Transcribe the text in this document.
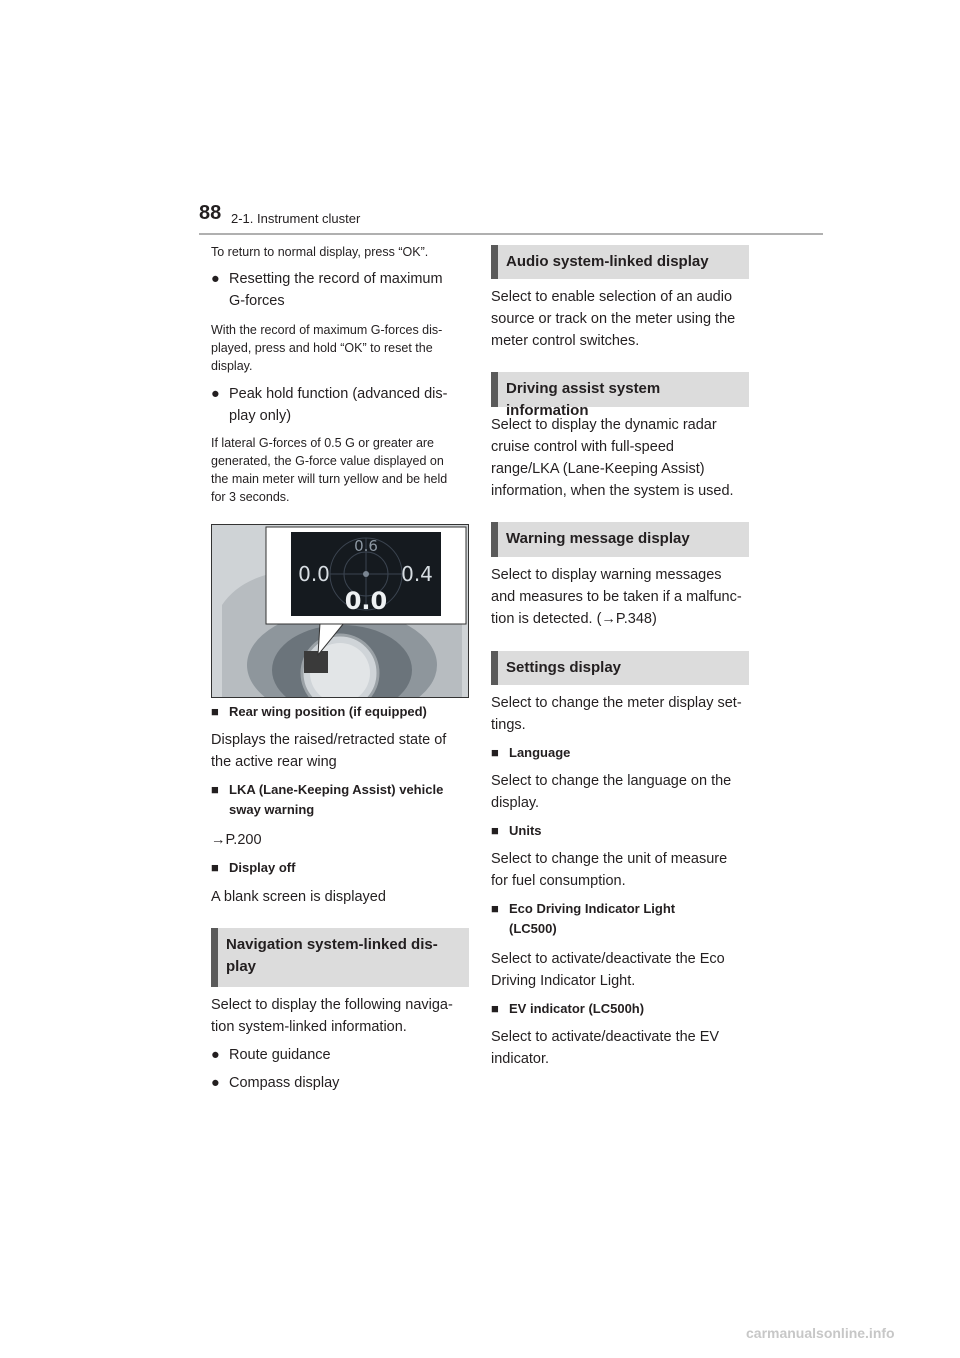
88 2-1. Instrument cluster
To return to normal display, press “OK”.
● Resetting the record of maximum
G-forces
With the record of maximum G-forces dis-
played, press and hold “OK” to reset the
display.
● Peak hold function (advanced dis-
play only)
If lateral G-forces of 0.5 G or greater are
generated, the G-force value displayed on
the main meter will turn yellow and be held
for 3 seconds.
0.6
0.0	0.4
0.0
■ Rear wing position (if equipped)
Displays the raised/retracted state of
the active rear wing
■ LKA (Lane-Keeping Assist) vehicle
sway warning
→P.200
■ Display off
A blank screen is displayed
Navigation system-linked dis-
play
Select to display the following naviga-
tion system-linked information.
● Route guidance
● Compass display
Audio system-linked display
Select to enable selection of an audio
source or track on the meter using the
meter control switches.
Driving assist system information
Select to display the dynamic radar
cruise control with full-speed
range/LKA (Lane-Keeping Assist)
information, when the system is used.
Warning message display
Select to display warning messages
and measures to be taken if a malfunc-
tion is detected. (→P.348)
Settings display
Select to change the meter display set-
tings.
■ Language
Select to change the language on the
display.
■ Units
Select to change the unit of measure
for fuel consumption.
■ Eco Driving Indicator Light
(LC500)
Select to activate/deactivate the Eco
Driving Indicator Light.
■ EV indicator (LC500h)
Select to activate/deactivate the EV
indicator.
carmanualsonline.info
